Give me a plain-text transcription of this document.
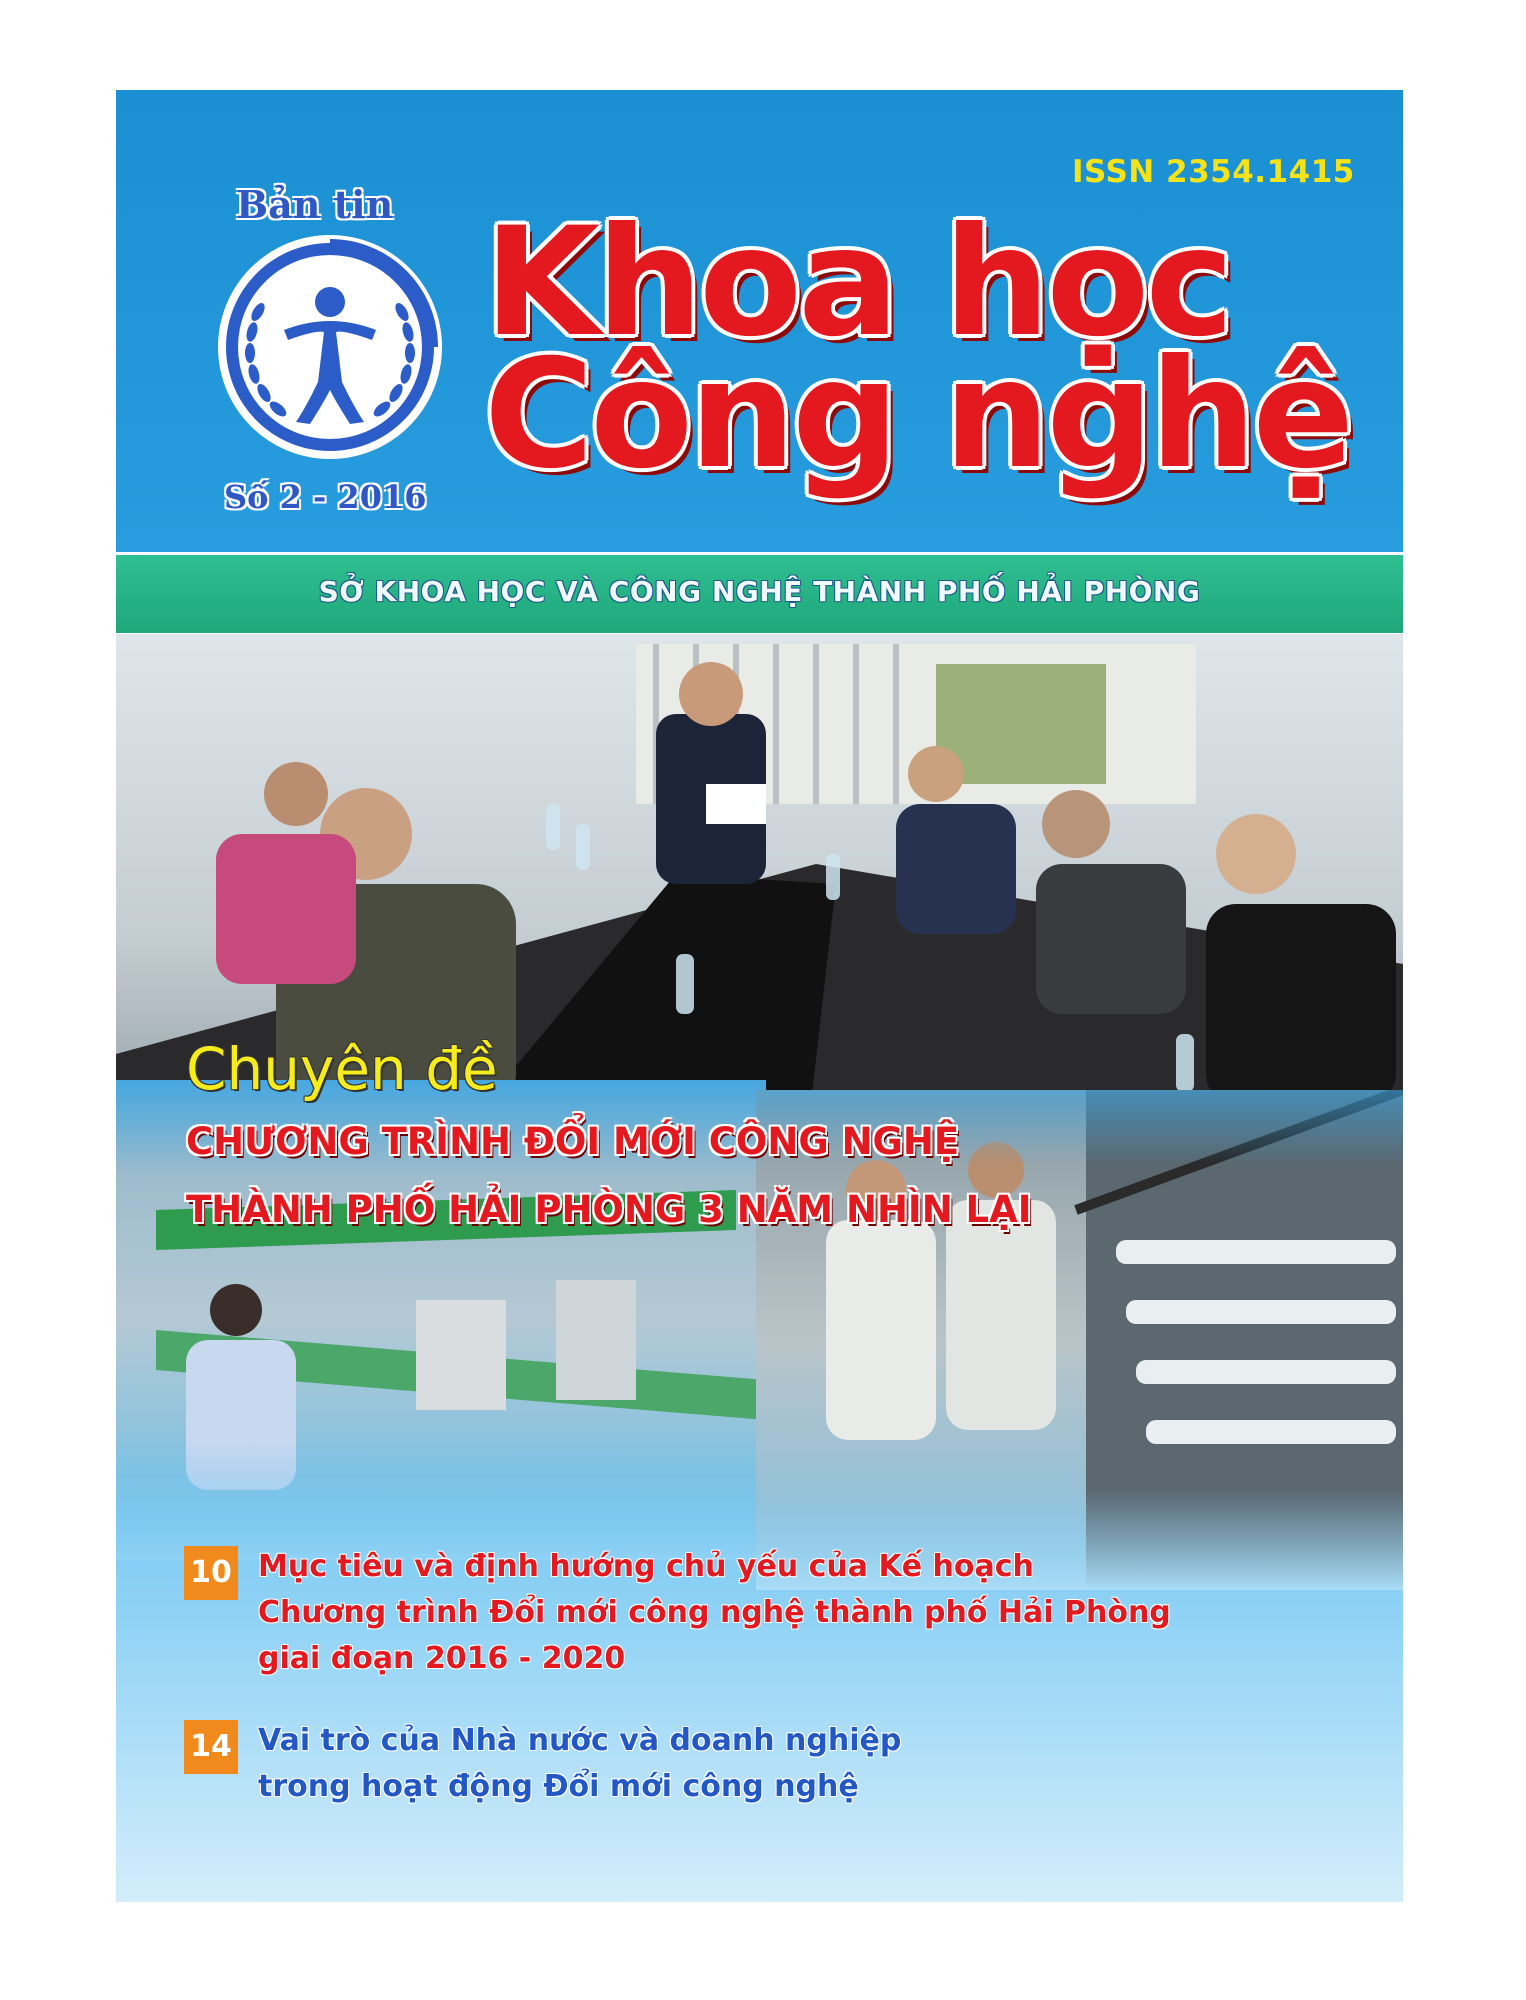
ISSN 2354.1415
Bản tin
Số 2 - 2016
Khoa học
Công nghệ
SỞ KHOA HỌC VÀ CÔNG NGHỆ THÀNH PHỐ HẢI PHÒNG
Chuyên đề
CHƯƠNG TRÌNH ĐỔI MỚI CÔNG NGHỆ
THÀNH PHỐ HẢI PHÒNG 3 NĂM NHÌN LẠI
10 Mục tiêu và định hướng chủ yếu của Kế hoạch
Chương trình Đổi mới công nghệ thành phố Hải Phòng
giai đoạn 2016 - 2020
14 Vai trò của Nhà nước và doanh nghiệp
trong hoạt động Đổi mới công nghệ
